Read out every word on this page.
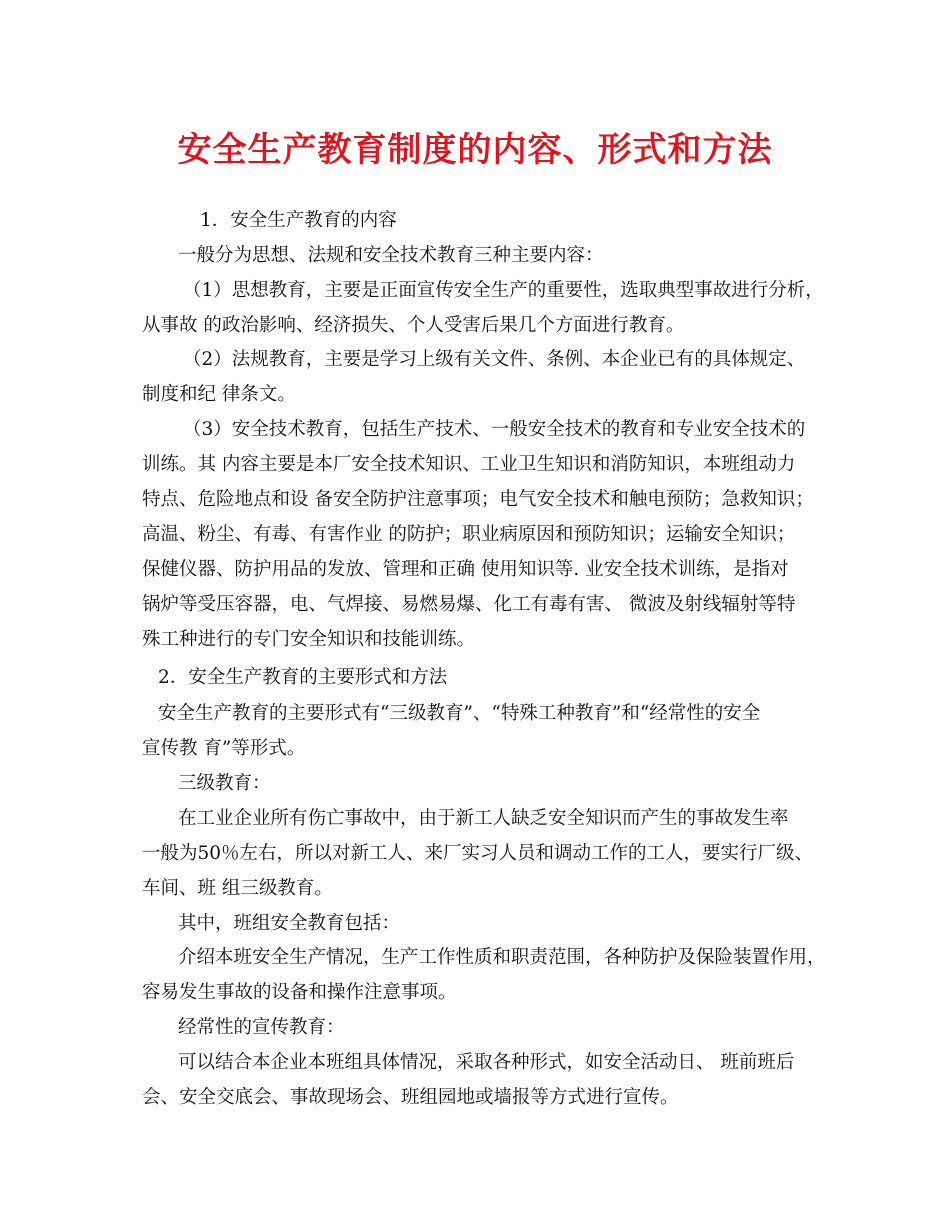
安全生产教育制度的内容、形式和方法

1．安全生产教育的内容

一般分为思想、法规和安全技术教育三种主要内容：

（1）思想教育，主要是正面宣传安全生产的重要性，选取典型事故进行分析，

从事故 的政治影响、经济损失、个人受害后果几个方面进行教育。

（2）法规教育，主要是学习上级有关文件、条例、本企业已有的具体规定、

制度和纪 律条文。

（3）安全技术教育，包括生产技术、一般安全技术的教育和专业安全技术的

训练。其 内容主要是本厂安全技术知识、工业卫生知识和消防知识，本班组动力

特点、危险地点和设 备安全防护注意事项；电气安全技术和触电预防；急救知识；

高温、粉尘、有毒、有害作业 的防护；职业病原因和预防知识；运输安全知识；

保健仪器、防护用品的发放、管理和正确 使用知识等. 业安全技术训练，是指对

锅炉等受压容器，电、气焊接、易燃易爆、化工有毒有害、 微波及射线辐射等特

殊工种进行的专门安全知识和技能训练。

2．安全生产教育的主要形式和方法

安全生产教育的主要形式有“三级教育”、“特殊工种教育”和“经常性的安全

宣传教 育”等形式。

三级教育：

在工业企业所有伤亡事故中，由于新工人缺乏安全知识而产生的事故发生率

一般为50％左右，所以对新工人、来厂实习人员和调动工作的工人，要实行厂级、

车间、班 组三级教育。

其中，班组安全教育包括：

介绍本班安全生产情况，生产工作性质和职责范围，各种防护及保险装置作用，

容易发生事故的设备和操作注意事项。

经常性的宣传教育：

可以结合本企业本班组具体情况，采取各种形式，如安全活动日、 班前班后

会、安全交底会、事故现场会、班组园地或墙报等方式进行宣传。
